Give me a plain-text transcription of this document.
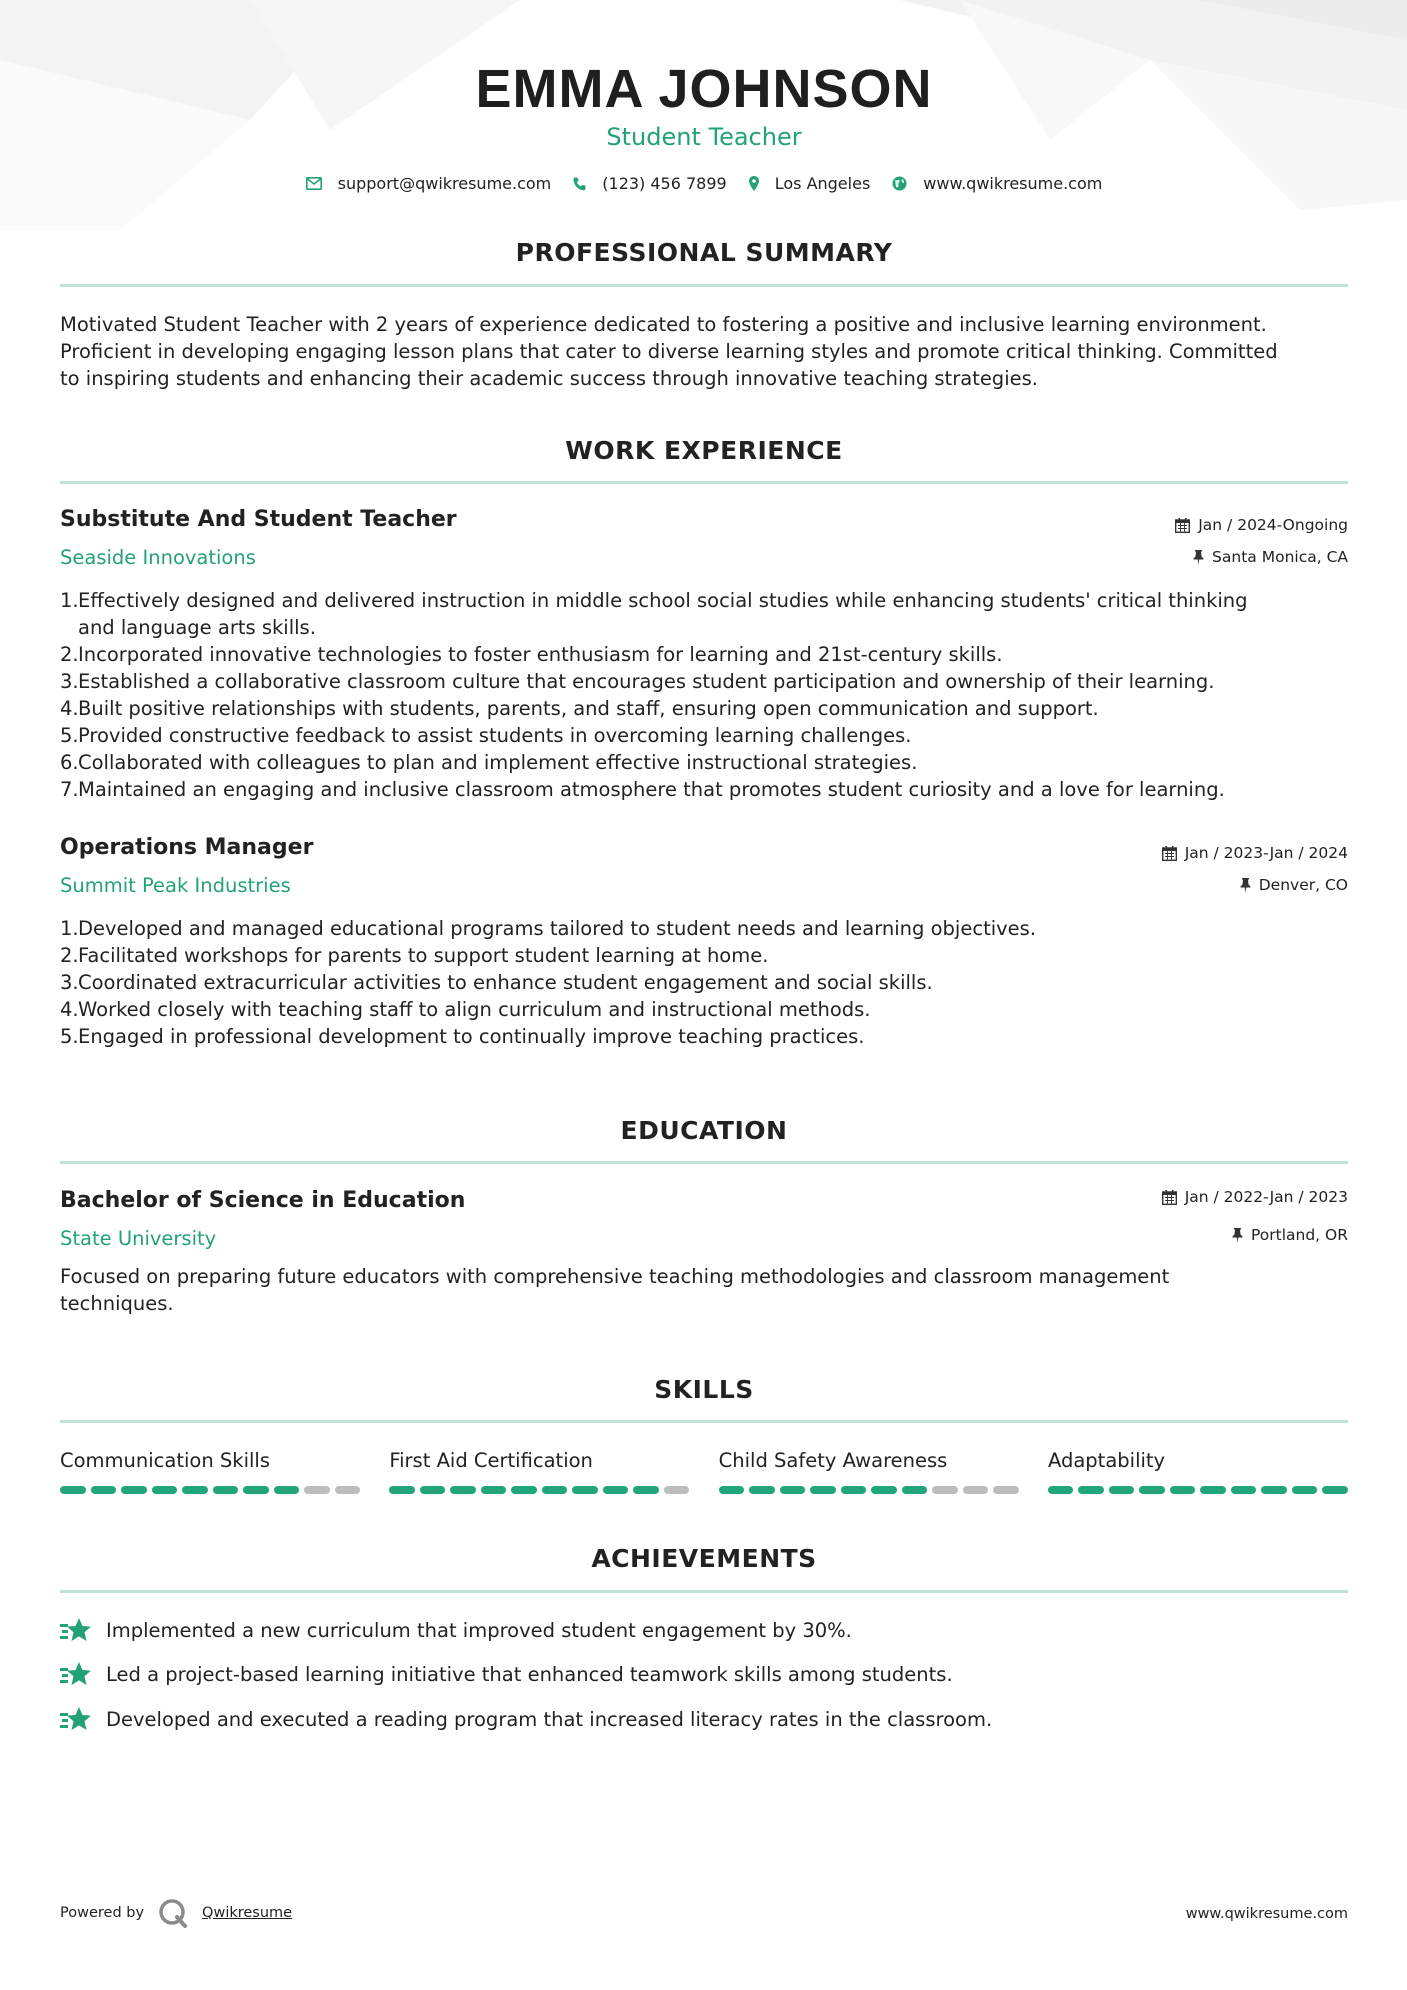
EMMA JOHNSON
Student Teacher
support@qwikresume.com	(123) 456 7899	Los Angeles	www.qwikresume.com
PROFESSIONAL SUMMARY
Motivated Student Teacher with 2 years of experience dedicated to fostering a positive and inclusive learning environment.
Proficient in developing engaging lesson plans that cater to diverse learning styles and promote critical thinking. Committed
to inspiring students and enhancing their academic success through innovative teaching strategies.
WORK EXPERIENCE
Substitute And Student Teacher
Seaside Innovations
Jan / 2024-Ongoing
Santa Monica, CA
1. Effectively designed and delivered instruction in middle school social studies while enhancing students' critical thinking
and language arts skills.
2. Incorporated innovative technologies to foster enthusiasm for learning and 21st-century skills.
3. Established a collaborative classroom culture that encourages student participation and ownership of their learning.
4. Built positive relationships with students, parents, and staff, ensuring open communication and support.
5. Provided constructive feedback to assist students in overcoming learning challenges.
6. Collaborated with colleagues to plan and implement effective instructional strategies.
7. Maintained an engaging and inclusive classroom atmosphere that promotes student curiosity and a love for learning.
Operations Manager
Summit Peak Industries
Jan / 2023-Jan / 2024
Denver, CO
1. Developed and managed educational programs tailored to student needs and learning objectives.
2. Facilitated workshops for parents to support student learning at home.
3. Coordinated extracurricular activities to enhance student engagement and social skills.
4. Worked closely with teaching staff to align curriculum and instructional methods.
5. Engaged in professional development to continually improve teaching practices.
EDUCATION
Bachelor of Science in Education
State University
Jan / 2022-Jan / 2023
Portland, OR
Focused on preparing future educators with comprehensive teaching methodologies and classroom management
techniques.
SKILLS
Communication Skills	First Aid Certification	Child Safety Awareness	Adaptability
ACHIEVEMENTS
Implemented a new curriculum that improved student engagement by 30%.
Led a project-based learning initiative that enhanced teamwork skills among students.
Developed and executed a reading program that increased literacy rates in the classroom.
Powered by	Qwikresume	www.qwikresume.com
